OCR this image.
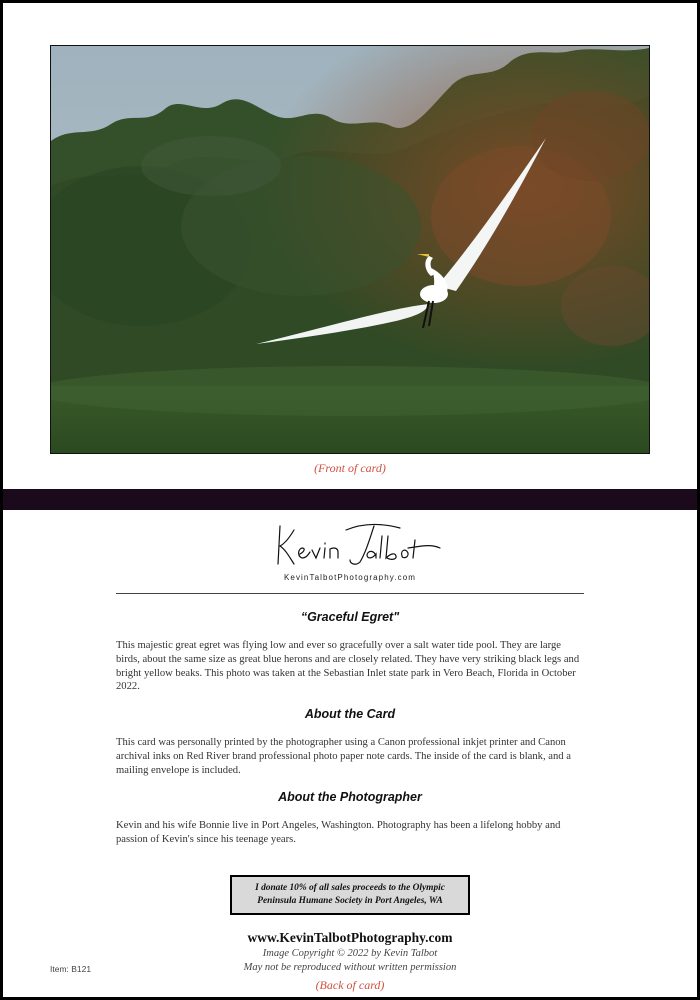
(Front of card)
KevinTalbotPhotography.com
“Graceful Egret"
This majestic great egret was flying low and ever so gracefully over a salt water tide pool. They are large birds, about the same size as great blue herons and are closely related. They have very striking black legs and bright yellow beaks. This photo was taken at the Sebastian Inlet state park in Vero Beach, Florida in October 2022.
About the Card
This card was personally printed by the photographer using a Canon professional inkjet printer and Canon archival inks on Red River brand professional photo paper note cards. The inside of the card is blank, and a mailing envelope is included.
About the Photographer
Kevin and his wife Bonnie live in Port Angeles, Washington. Photography has been a lifelong hobby and passion of Kevin's since his teenage years.
I donate 10% of all sales proceeds to the Olympic Peninsula Humane Society in Port Angeles, WA
www.KevinTalbotPhotography.com
Image Copyright © 2022 by Kevin Talbot
May not be reproduced without written permission
Item: B121
(Back of card)
